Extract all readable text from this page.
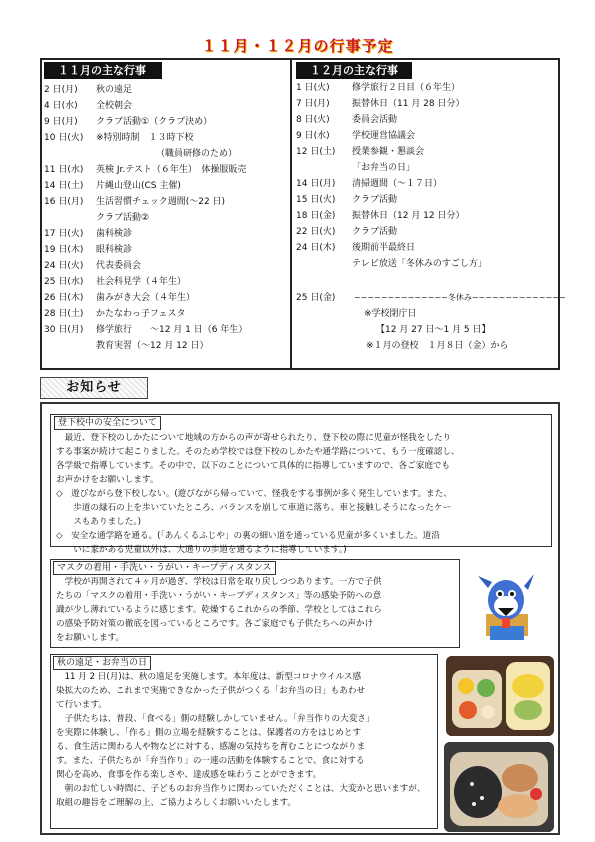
１１月・１２月の行事予定
１１月の主な行事	１２月の主な行事
2 日(月) 秋の遠足
4 日(水) 全校朝会
9 日(月) クラブ活動①（クラブ決め）
10 日(火) ※特別時制　１３時下校
（職員研修のため）
11 日(水) 英検 Jr.テスト（６年生）　体操服販売
14 日(土) 片縄山登山(CS 主催)
16 日(月) 生活習慣チェック週間(～22 日)
クラブ活動②
17 日(火) 歯科検診
19 日(木) 眼科検診
24 日(火) 代表委員会
25 日(水) 社会科見学（４年生）
26 日(木) 歯みがき大会（４年生）
28 日(土) かたなわっ子フェスタ
30 日(月) 修学旅行　　～12 月 1 日（6 年生）
教育実習（～12 月 12 日）
1 日(火) 修学旅行２日目（６年生）
7 日(月) 振替休日（11 月 28 日分）
8 日(火) 委員会活動
9 日(水) 学校運営協議会
12 日(土) 授業参観・懇談会
「お弁当の日」
14 日(月) 清掃週間（～１７日）
15 日(火) クラブ活動
18 日(金) 振替休日（12 月 12 日分）
22 日(火) クラブ活動
24 日(木) 後期前半最終日
テレビ放送「冬休みのすごし方」
25 日(金) ~~~~~~~~~~~~~~冬休み~~~~~~~~~~~~~~
※学校閉庁日
【12 月 27 日～1 月 5 日】
※１月の登校　１月８日（金）から
お知らせ
登下校中の安全について
　最近、登下校のしかたについて地域の方からの声が寄せられたり、登下校の際に児童が怪我をしたり
する事案が続けて起こりました。そのため学校では登下校のしかたや通学路について、もう一度確認し、
各学級で指導しています。その中で、以下のことについて具体的に指導していますので、各ご家庭でも
お声かけをお願いします。
◇　遊びながら登下校しない。(遊びながら帰っていて、怪我をする事例が多く発生しています。また、
　　歩道の縁石の上を歩いていたところ、バランスを崩して車道に落ち、車と接触しそうになったケー
　　スもありました。)
◇　安全な通学路を通る。(「あんくるふじや」の裏の細い道を通っている児童が多くいました。道沿
　　いに家がある児童以外は、大通りの歩道を通るように指導しています。)
マスクの着用・手洗い・うがい・キープディスタンス
　学校が再開されて４ヶ月が過ぎ、学校は日常を取り戻しつつあります。一方で子供
たちの「マスクの着用・手洗い・うがい・キープディスタンス」等の感染予防への意
識が少し薄れているように感じます。乾燥するこれからの季節、学校としてはこれら
の感染予防対策の徹底を図っているところです。各ご家庭でも子供たちへの声かけ
をお願いします。
秋の遠足・お弁当の日
　11 月 2 日(月)は、秋の遠足を実施します。本年度は、新型コロナウイルス感
染拡大のため、これまで実施できなかった子供がつくる「お弁当の日」もあわせ
て行います。
　子供たちは、普段、「食べる」側の経験しかしていません。「弁当作りの大変さ」
を実際に体験し、「作る」側の立場を経験することは、保護者の方をはじめとす
る、食生活に関わる人や物などに対する、感謝の気持ちを育むことにつながりま
す。また、子供たちが「弁当作り」の一連の活動を体験することで、食に対する
関心を高め、食事を作る楽しさや、達成感を味わうことができます。
　朝のお忙しい時間に、子どものお弁当作りに関わっていただくことは、大変かと思いますが、取組の趣旨をご理解の上、ご協力よろしくお願いいたします。
